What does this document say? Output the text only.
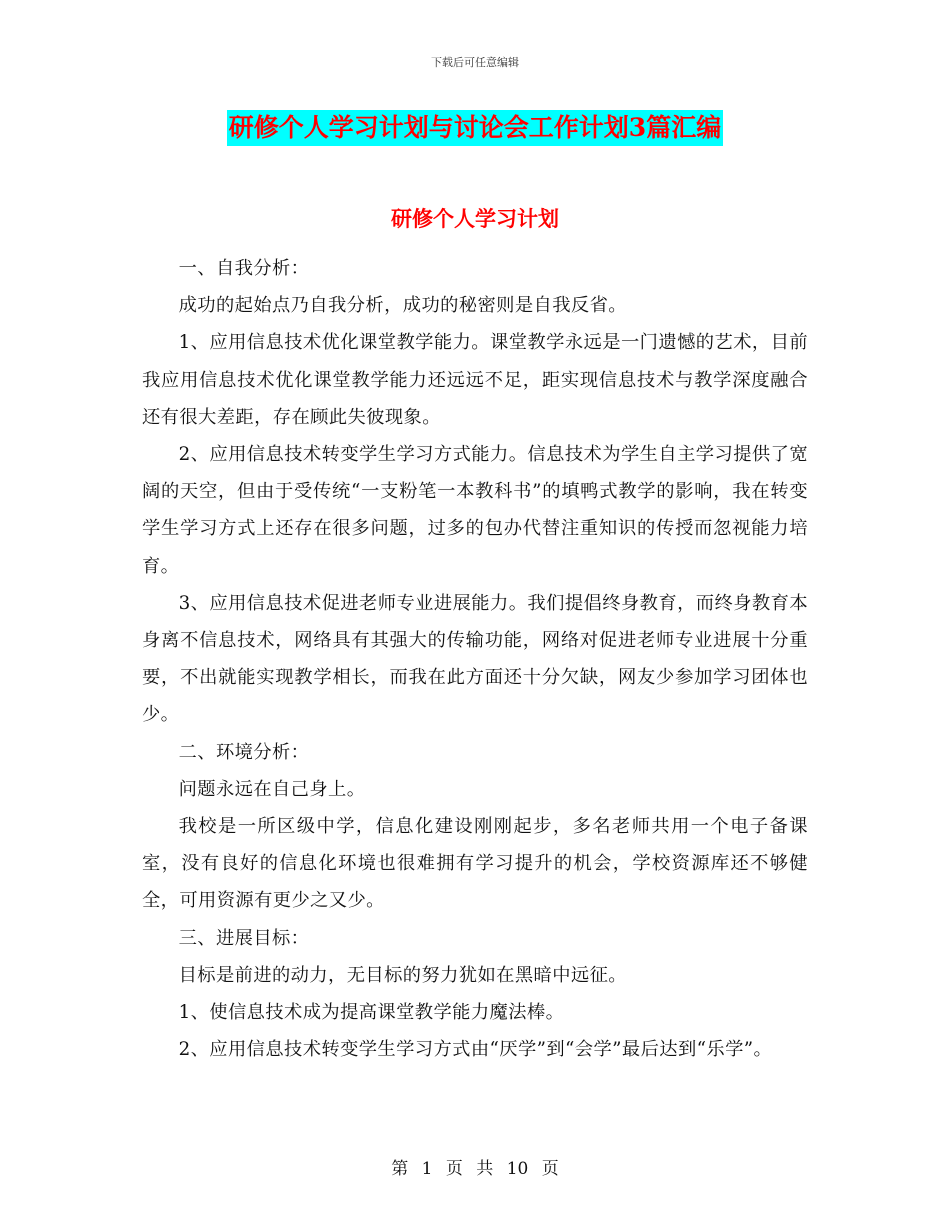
下载后可任意编辑
研修个人学习计划与讨论会工作计划3篇汇编
研修个人学习计划

一、自我分析：

成功的起始点乃自我分析，成功的秘密则是自我反省。

1、应用信息技术优化课堂教学能力。课堂教学永远是一门遗憾的艺术，目前我应用信息技术优化课堂教学能力还远远不足，距实现信息技术与教学深度融合还有很大差距，存在顾此失彼现象。

2、应用信息技术转变学生学习方式能力。信息技术为学生自主学习提供了宽阔的天空，但由于受传统“一支粉笔一本教科书”的填鸭式教学的影响，我在转变学生学习方式上还存在很多问题，过多的包办代替注重知识的传授而忽视能力培育。

3、应用信息技术促进老师专业进展能力。我们提倡终身教育，而终身教育本身离不信息技术，网络具有其强大的传输功能，网络对促进老师专业进展十分重要，不出就能实现教学相长，而我在此方面还十分欠缺，网友少参加学习团体也少。

二、环境分析：

问题永远在自己身上。

我校是一所区级中学，信息化建设刚刚起步，多名老师共用一个电子备课室，没有良好的信息化环境也很难拥有学习提升的机会，学校资源库还不够健全，可用资源有更少之又少。

三、进展目标：

目标是前进的动力，无目标的努力犹如在黑暗中远征。

1、使信息技术成为提高课堂教学能力魔法棒。

2、应用信息技术转变学生学习方式由“厌学”到“会学”最后达到“乐学”。

第 1 页 共 10 页
